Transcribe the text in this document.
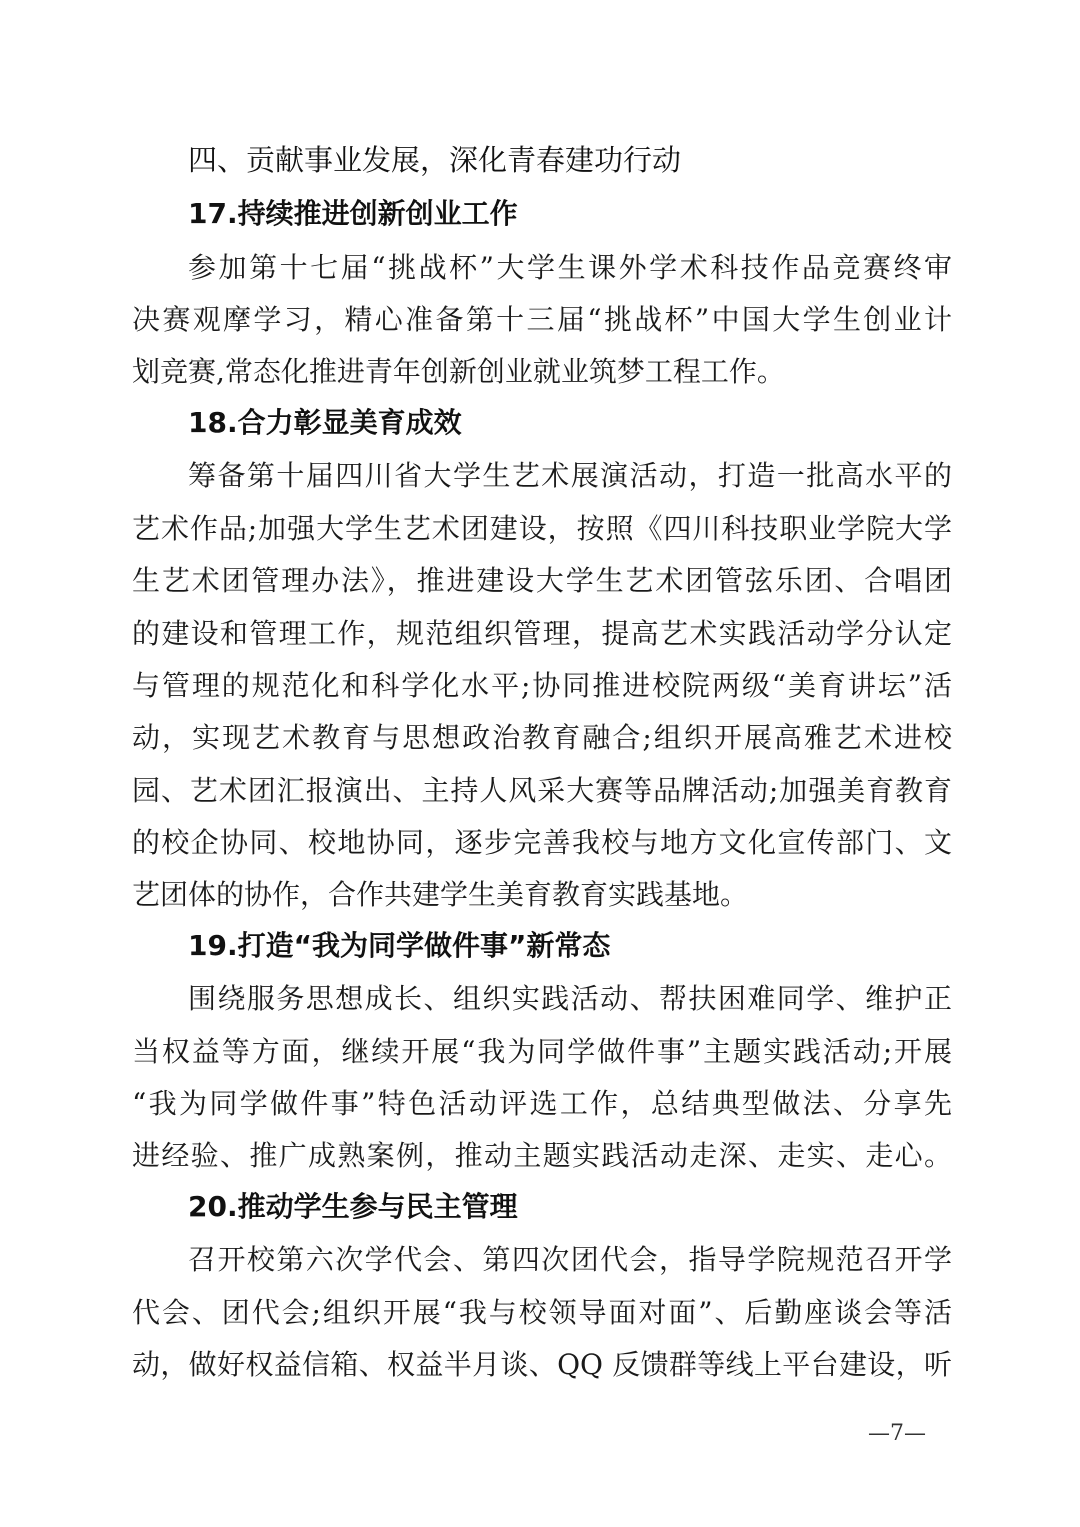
四、贡献事业发展，深化青春建功行动
17.持续推进创新创业工作
参加第十七届“挑战杯”大学生课外学术科技作品竞赛终审
决赛观摩学习，精心准备第十三届“挑战杯”中国大学生创业计
划竞赛,常态化推进青年创新创业就业筑梦工程工作。
18.合力彰显美育成效
筹备第十届四川省大学生艺术展演活动，打造一批高水平的
艺术作品;加强大学生艺术团建设，按照《四川科技职业学院大学
生艺术团管理办法》，推进建设大学生艺术团管弦乐团、合唱团
的建设和管理工作，规范组织管理，提高艺术实践活动学分认定
与管理的规范化和科学化水平;协同推进校院两级“美育讲坛”活
动，实现艺术教育与思想政治教育融合;组织开展高雅艺术进校
园、艺术团汇报演出、主持人风采大赛等品牌活动;加强美育教育
的校企协同、校地协同，逐步完善我校与地方文化宣传部门、文
艺团体的协作，合作共建学生美育教育实践基地。
19.打造“我为同学做件事”新常态
围绕服务思想成长、组织实践活动、帮扶困难同学、维护正
当权益等方面，继续开展“我为同学做件事”主题实践活动;开展
“我为同学做件事”特色活动评选工作，总结典型做法、分享先
进经验、推广成熟案例，推动主题实践活动走深、走实、走心。
20.推动学生参与民主管理
召开校第六次学代会、第四次团代会，指导学院规范召开学
代会、团代会;组织开展“我与校领导面对面”、后勤座谈会等活
动，做好权益信箱、权益半月谈、QQ 反馈群等线上平台建设，听
—7—
